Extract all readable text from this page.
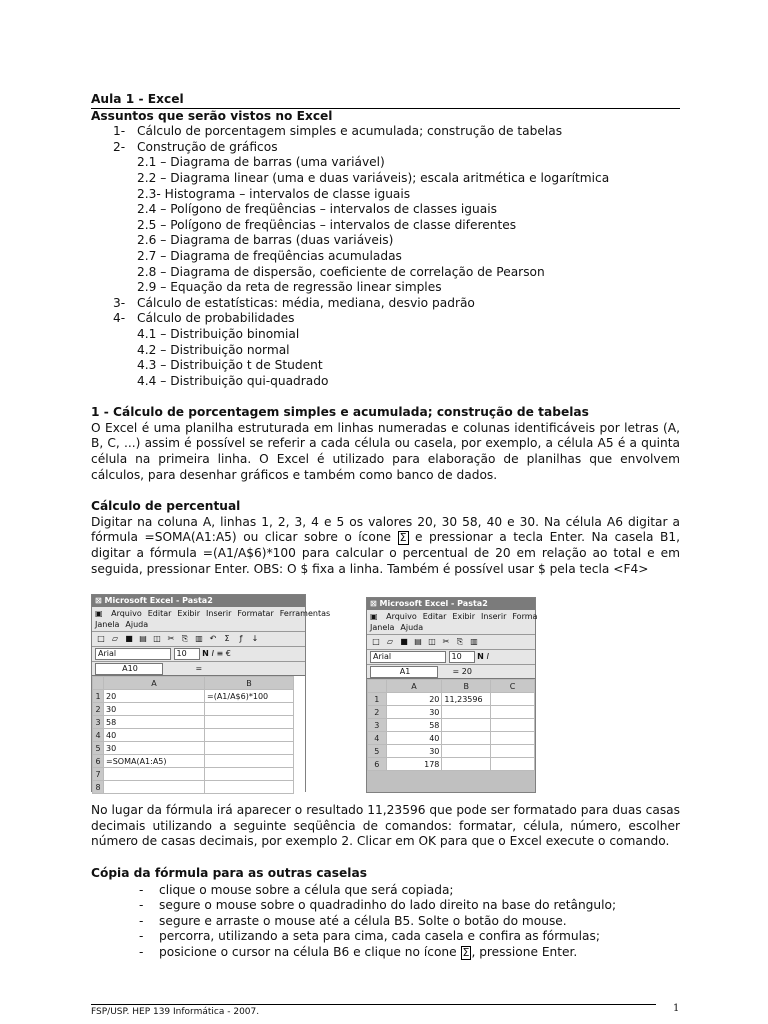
Aula 1 - Excel
Assuntos que serão vistos no Excel
1- Cálculo de porcentagem simples e acumulada; construção de tabelas
2- Construção de gráficos
2.1 – Diagrama de barras (uma variável)
2.2 – Diagrama linear (uma e duas variáveis); escala aritmética e logarítmica
2.3- Histograma – intervalos de classe iguais
2.4 – Polígono de freqüências – intervalos de classes iguais
2.5 – Polígono de freqüências – intervalos de classe diferentes
2.6 – Diagrama de barras (duas variáveis)
2.7 – Diagrama de freqüências acumuladas
2.8 – Diagrama de dispersão, coeficiente de correlação de Pearson
2.9 – Equação da reta de regressão linear simples
3- Cálculo de estatísticas: média, mediana, desvio padrão
4- Cálculo de probabilidades
4.1 – Distribuição binomial
4.2 – Distribuição normal
4.3 – Distribuição t de Student
4.4 – Distribuição qui-quadrado
1 - Cálculo de porcentagem simples e acumulada; construção de tabelas
O Excel é uma planilha estruturada em linhas numeradas e colunas identificáveis por letras (A, B, C, ...) assim é possível se referir a cada célula ou casela, por exemplo, a célula A5 é a quinta célula na primeira linha. O Excel é utilizado para elaboração de planilhas que envolvem cálculos, para desenhar gráficos e também como banco de dados.
Cálculo de percentual
Digitar na coluna A, linhas 1, 2, 3, 4 e 5 os valores 20, 30 58, 40 e 30. Na célula A6 digitar a fórmula =SOMA(A1:A5) ou clicar sobre o ícone Σ e pressionar a tecla Enter. Na casela B1, digitar a fórmula =(A1/A$6)*100 para calcular o percentual de 20 em relação ao total e em seguida, pressionar Enter. OBS: O $ fixa a linha. Também é possível usar $ pela tecla <F4>
No lugar da fórmula irá aparecer o resultado 11,23596 que pode ser formatado para duas casas decimais utilizando a seguinte seqüência de comandos: formatar, célula, número, escolher número de casas decimais, por exemplo 2. Clicar em OK para que o Excel execute o comando.
Cópia da fórmula para as outras caselas
- clique o mouse sobre a célula que será copiada;
- segure o mouse sobre o quadradinho do lado direito na base do retângulo;
- segure e arraste o mouse até a célula B5. Solte o botão do mouse.
- percorra, utilizando a seta para cima, cada casela e confira as fórmulas;
- posicione o cursor na célula B6 e clique no ícone Σ , pressione Enter.
⊠ Microsoft Excel - Pasta2
▣ Arquivo Editar Exibir Inserir Formatar Ferramentas
Janela Ajuda
□ ▱ ■ ▤ ◫ ✂ ⎘ ▥ ↶ Σ ƒ ↓
Arial	10 N I ≡ €
A10	=
	A	B
1	20	=(A1/A$6)*100
2	30	
3	58	
4	40	
5	30	
6	=SOMA(A1:A5)	
7		
8		
⊠ Microsoft Excel - Pasta2
▣ Arquivo Editar Exibir Inserir Forma
Janela Ajuda
□ ▱ ■ ▤ ◫ ✂ ⎘ ▥
Arial	10 N I
A1	= 20
	A	B	C
1	20	11,23596	
2	30		
3	58		
4	40		
5	30		
6	178		
FSP/USP. HEP 139 Informática - 2007.	1
